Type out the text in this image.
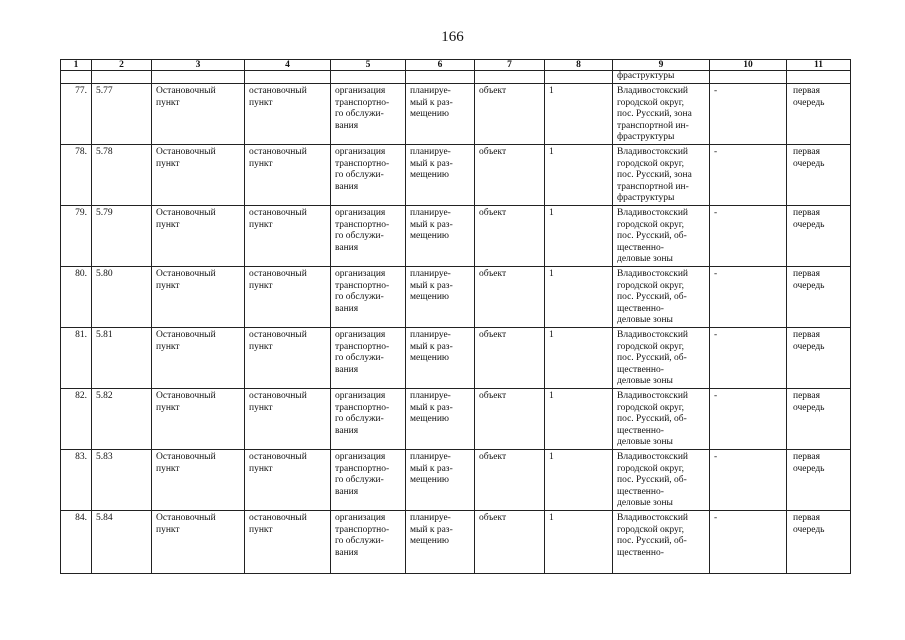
166
1	2	3	4	5	6	7	8	9	10	11
								фраструктуры		
77.	5.77	Остановочный
пункт	остановочный
пункт	организация
транспортно-
го обслужи-
вания	планируе-
мый к раз-
мещению	объект	1	Владивостокский
городской округ,
пос. Русский, зона
транспортной ин-
фраструктуры	-	первая
очередь
78.	5.78	Остановочный
пункт	остановочный
пункт	организация
транспортно-
го обслужи-
вания	планируе-
мый к раз-
мещению	объект	1	Владивостокский
городской округ,
пос. Русский, зона
транспортной ин-
фраструктуры	-	первая
очередь
79.	5.79	Остановочный
пункт	остановочный
пункт	организация
транспортно-
го обслужи-
вания	планируе-
мый к раз-
мещению	объект	1	Владивостокский
городской округ,
пос. Русский, об-
щественно-
деловые зоны	-	первая
очередь
80.	5.80	Остановочный
пункт	остановочный
пункт	организация
транспортно-
го обслужи-
вания	планируе-
мый к раз-
мещению	объект	1	Владивостокский
городской округ,
пос. Русский, об-
щественно-
деловые зоны	-	первая
очередь
81.	5.81	Остановочный
пункт	остановочный
пункт	организация
транспортно-
го обслужи-
вания	планируе-
мый к раз-
мещению	объект	1	Владивостокский
городской округ,
пос. Русский, об-
щественно-
деловые зоны	-	первая
очередь
82.	5.82	Остановочный
пункт	остановочный
пункт	организация
транспортно-
го обслужи-
вания	планируе-
мый к раз-
мещению	объект	1	Владивостокский
городской округ,
пос. Русский, об-
щественно-
деловые зоны	-	первая
очередь
83.	5.83	Остановочный
пункт	остановочный
пункт	организация
транспортно-
го обслужи-
вания	планируе-
мый к раз-
мещению	объект	1	Владивостокский
городской округ,
пос. Русский, об-
щественно-
деловые зоны	-	первая
очередь
84.	5.84	Остановочный
пункт	остановочный
пункт	организация
транспортно-
го обслужи-
вания	планируе-
мый к раз-
мещению	объект	1	Владивостокский
городской округ,
пос. Русский, об-
щественно-	-	первая
очередь
